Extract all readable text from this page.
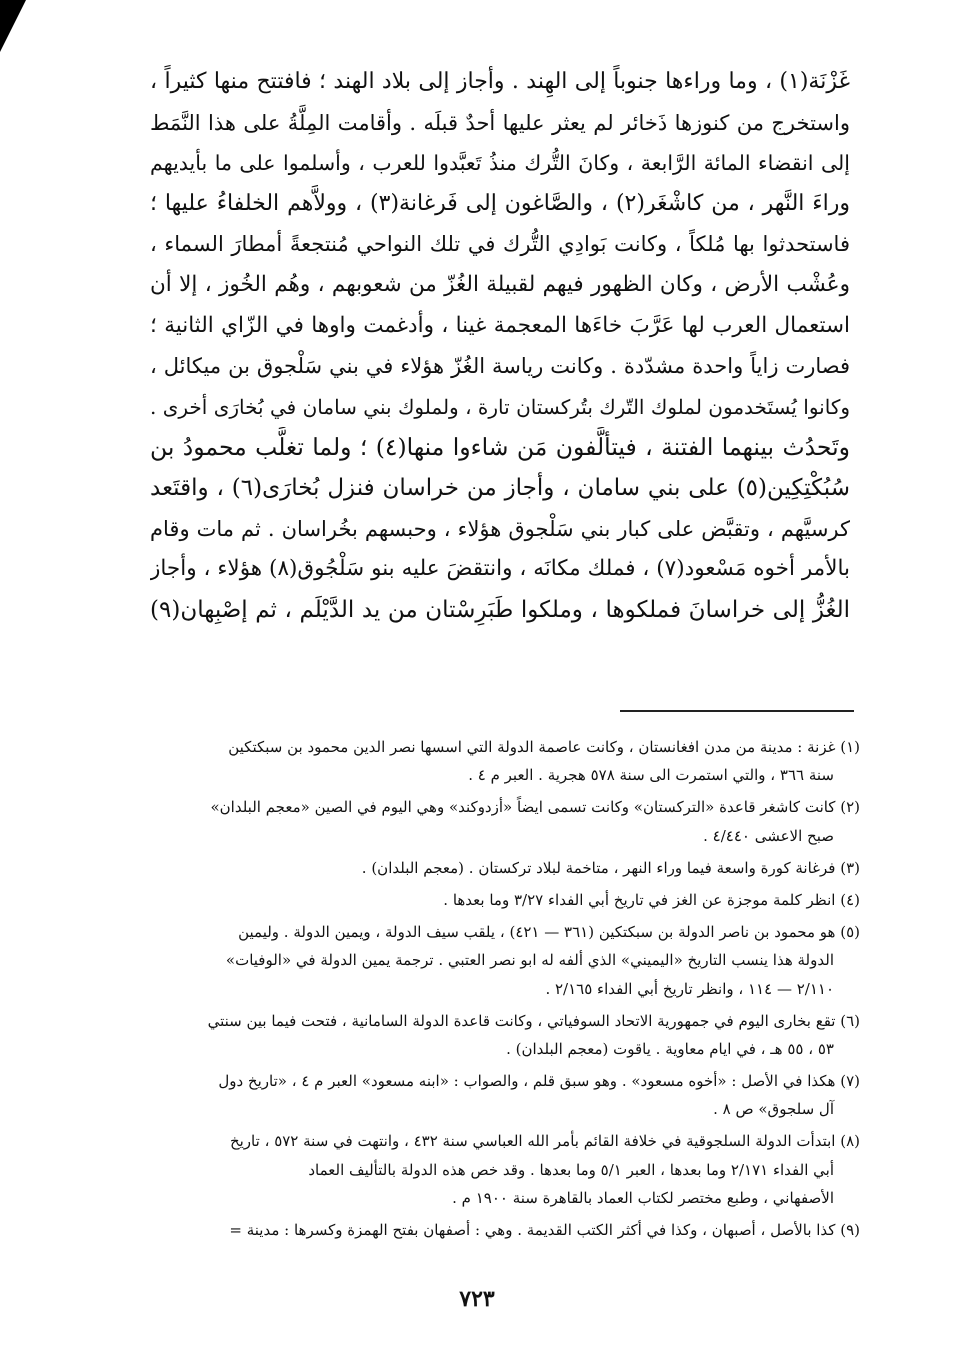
غَزْنَة(١) ، وما وراءها جنوباً إلى الهِند . وأجاز إلى بلاد الهند ؛ فافتتح منها كثيراً ،
واستخرج من كنوزها ذَخائر لم يعثر عليها أحدٌ قبلَه . وأقامت المِلَّةُ على هذا النَّمَط
إلى انقضاء المائة الرَّابعة ، وكانَ التُّرك منذُ تَعبَّدوا للعرب ، وأسلموا على ما بأيديهم
وراءَ النَّهر ، من كاشْغَر(٢) ، والصَّاغون إلى فَرغانة(٣) ، وولاَّهم الخلفاءُ عليها ؛
فاستحدثوا بها مُلكاً ، وكانت بَوادِي التُّرك في تلك النواحي مُنتجعةً أمطارَ السماء ،
وعُشْب الأرض ، وكان الظهور فيهم لقبيلة الغُزّ من شعوبهم ، وهُم الخُوز ، إلا أن
استعمال العرب لها عَرَّبَ خاءَها المعجمة غينا ، وأدغمت واوها في الزّاي الثانية ؛
فصارت زاياً واحدة مشدّدة . وكانت رياسة الغُزّ هؤلاء في بني سَلْجوق بن ميكائل ،
وكانوا يُستَخدمون لملوك التّرك بتُركستان تارة ، ولملوك بني سامان في بُخارَى أخرى .
وتَحدُث بينهما الفتنة ، فيتألَّفون مَن شاءوا منها(٤) ؛ ولما تغلَّب محمودُ بن
سُبُكْتِكِين(٥) على بني سامان ، وأجاز من خراسان فنزل بُخارَى(٦) ، واقتَعد
كرسيَّهم ، وتقبَّض على كبار بني سَلْجوق هؤلاء ، وحبسهم بخُراسان . ثم مات وقام
بالأمر أخوه مَسْعود(٧) ، فملك مكانَه ، وانتقضَ عليه بنو سَلْجُوق(٨) هؤلاء ، وأجاز
الغُزُّ إلى خراسانَ فملكوها ، وملكوا طَبَرِسْتان من يد الدَّيْلَم ، ثم إصْبِهان(٩)
(١) غزنة : مدينة من مدن افغانستان ، وكانت عاصمة الدولة التي اسسها نصر الدين محمود بن سبكتكين
سنة ٣٦٦ ، والتي استمرت الى سنة ٥٧٨ هجرية . العبر م ٤ .
(٢) كانت كاشغر قاعدة «التركستان» وكانت تسمى ايضاً «أزدوكند» وهي اليوم في الصين «معجم البلدان»
صبح الاعشى ٤/٤٤٠ .
(٣) فرغانة كورة واسعة فيما وراء النهر ، متاخمة لبلاد تركستان . (معجم البلدان) .
(٤) انظر كلمة موجزة عن الغز في تاريخ أبي الفداء ٣/٢٧ وما بعدها .
(٥) هو محمود بن ناصر الدولة بن سبكتكين (٣٦١ — ٤٢١) ، يلقب سيف الدولة ، ويمين الدولة . وليمين
الدولة هذا ينسب التاريخ «اليميني» الذي ألفه له ابو نصر العتبي . ترجمة يمين الدولة في «الوفيات»
٢/١١٠ — ١١٤ ، وانظر تاريخ أبي الفداء ٢/١٦٥ .
(٦) تقع بخارى اليوم في جمهورية الاتحاد السوفياتي ، وكانت قاعدة الدولة السامانية ، فتحت فيما بين سنتي
٥٣ ، ٥٥ هـ ، في ايام معاوية . ياقوت (معجم البلدان) .
(٧) هكذا في الأصل : «أخوه مسعود» . وهو سبق قلم ، والصواب : «ابنه مسعود» العبر م ٤ ، «تاريخ دول
آل سلجوق» ص ٨ .
(٨) ابتدأت الدولة السلجوقية في خلافة القائم بأمر الله العباسي سنة ٤٣٢ ، وانتهت في سنة ٥٧٢ ، تاريخ
أبي الفداء ٢/١٧١ وما بعدها ، العبر ٥/١ وما بعدها . وقد خص هذه الدولة بالتأليف العماد
الأصفهاني ، وطبع مختصر لكتاب العماد بالقاهرة سنة ١٩٠٠ م .
(٩) كذا بالأصل ، أصبهان ، وكذا في أكثر الكتب القديمة . وهي : أصفهان بفتح الهمزة وكسرها : مدينة =
٧٢٣
